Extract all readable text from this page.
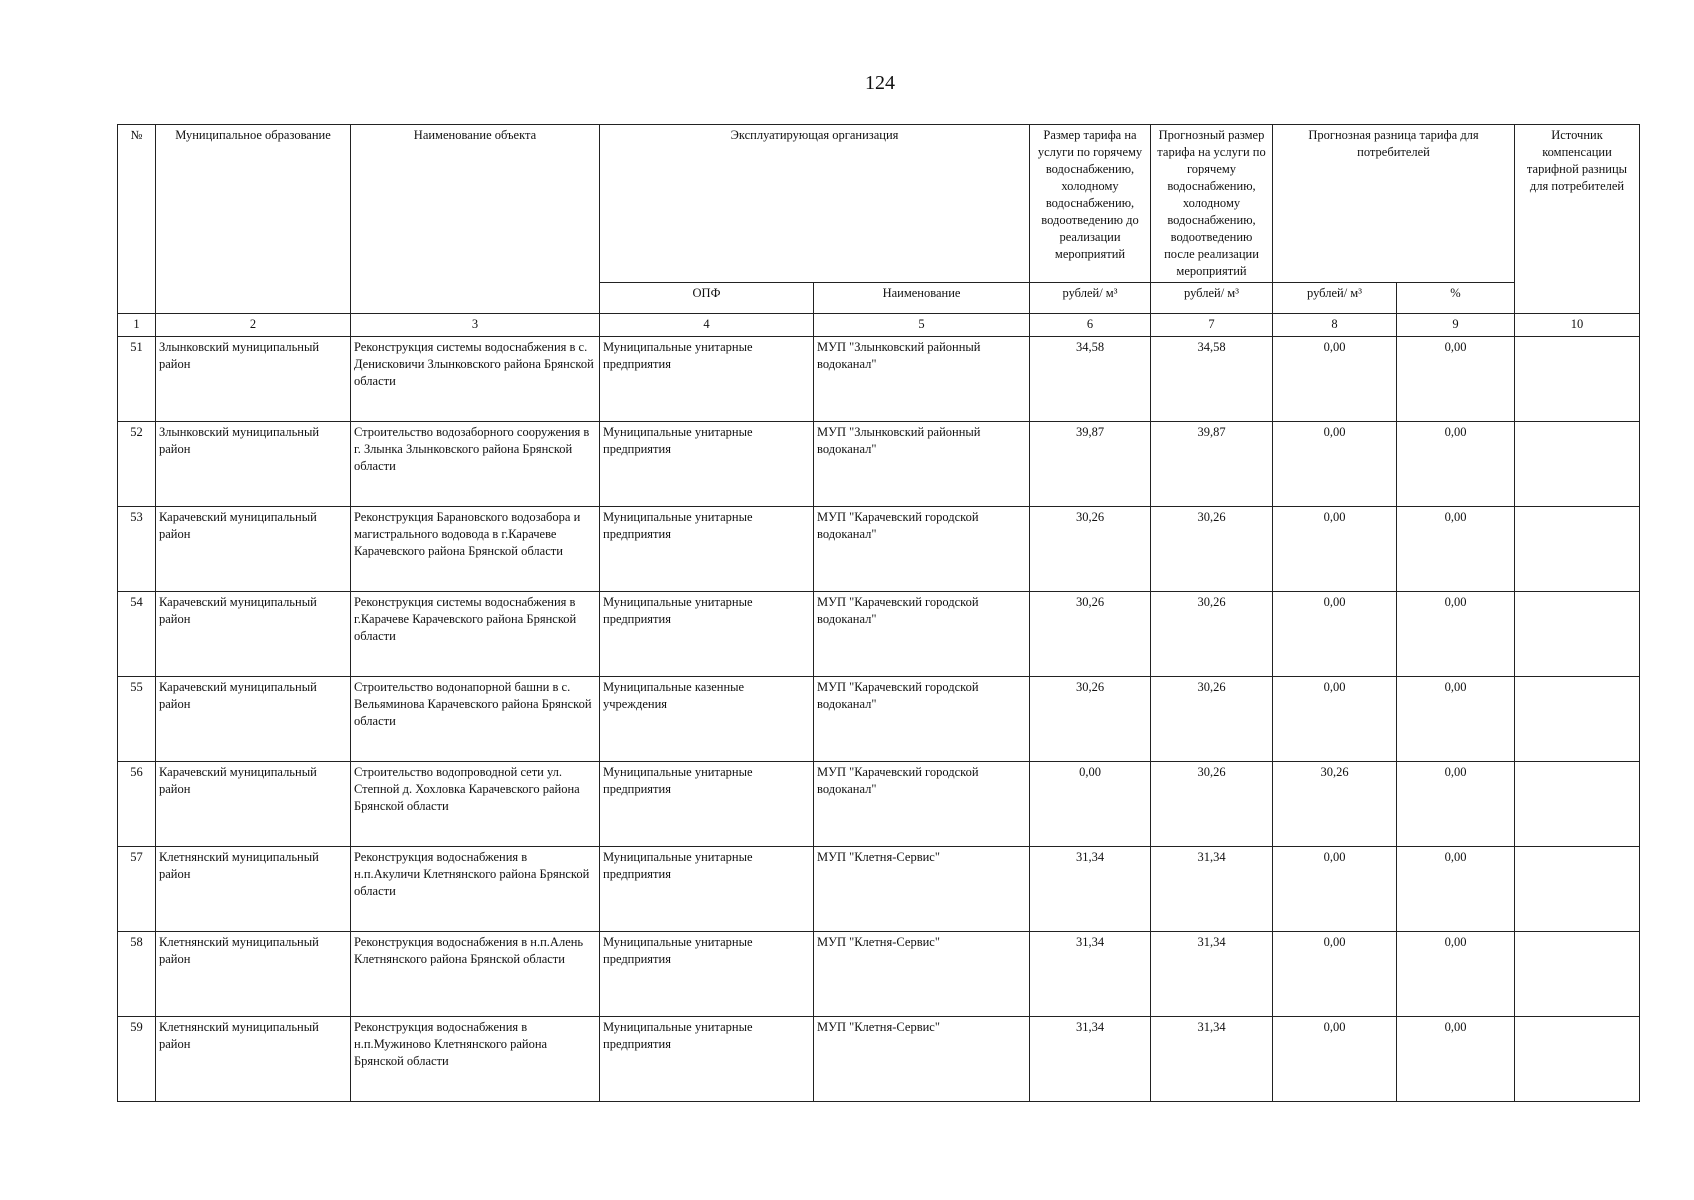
124
№	Муниципальное образование	Наименование объекта	Эксплуатирующая организация		Размер тарифа на услуги по горячему водоснабжению, холодному водоснабжению, водоотведению до реализации мероприятий	Прогнозный размер тарифа на услуги по горячему водоснабжению, холодному водоснабжению, водоотведению после реализации мероприятий	Прогнозная разница тарифа для потребителей		Источник компенсации тарифной разницы для потребителей
			ОПФ	Наименование	рублей/ м³	рублей/ м³	рублей/ м³	%	
1	2	3	4	5	6	7	8	9	10
51	Злынковский муниципальный район	Реконструкция системы водоснабжения в с. Денисковичи Злынковского района Брянской области	Муниципальные унитарные предприятия	МУП "Злынковский районный водоканал"	34,58	34,58	0,00	0,00	
52	Злынковский муниципальный район	Строительство водозаборного сооружения в г. Злынка Злынковского района Брянской области	Муниципальные унитарные предприятия	МУП "Злынковский районный водоканал"	39,87	39,87	0,00	0,00	
53	Карачевский муниципальный район	Реконструкция Барановского водозабора и магистрального водовода в г.Карачеве Карачевского района Брянской области	Муниципальные унитарные предприятия	МУП "Карачевский городской водоканал"	30,26	30,26	0,00	0,00	
54	Карачевский муниципальный район	Реконструкция системы водоснабжения в г.Карачеве Карачевского района Брянской области	Муниципальные унитарные предприятия	МУП "Карачевский городской водоканал"	30,26	30,26	0,00	0,00	
55	Карачевский муниципальный район	Строительство водонапорной башни в с. Вельяминова Карачевского района Брянской области	Муниципальные казенные учреждения	МУП "Карачевский городской водоканал"	30,26	30,26	0,00	0,00	
56	Карачевский муниципальный район	Строительство водопроводной сети ул. Степной д. Хохловка Карачевского района Брянской области	Муниципальные унитарные предприятия	МУП "Карачевский городской водоканал"	0,00	30,26	30,26	0,00	
57	Клетнянский муниципальный район	Реконструкция водоснабжения в н.п.Акуличи Клетнянского района Брянской области	Муниципальные унитарные предприятия	МУП "Клетня-Сервис"	31,34	31,34	0,00	0,00	
58	Клетнянский муниципальный район	Реконструкция водоснабжения в н.п.Алень Клетнянского района Брянской области	Муниципальные унитарные предприятия	МУП "Клетня-Сервис"	31,34	31,34	0,00	0,00	
59	Клетнянский муниципальный район	Реконструкция водоснабжения в н.п.Мужиново Клетнянского района Брянской области	Муниципальные унитарные предприятия	МУП "Клетня-Сервис"	31,34	31,34	0,00	0,00	
